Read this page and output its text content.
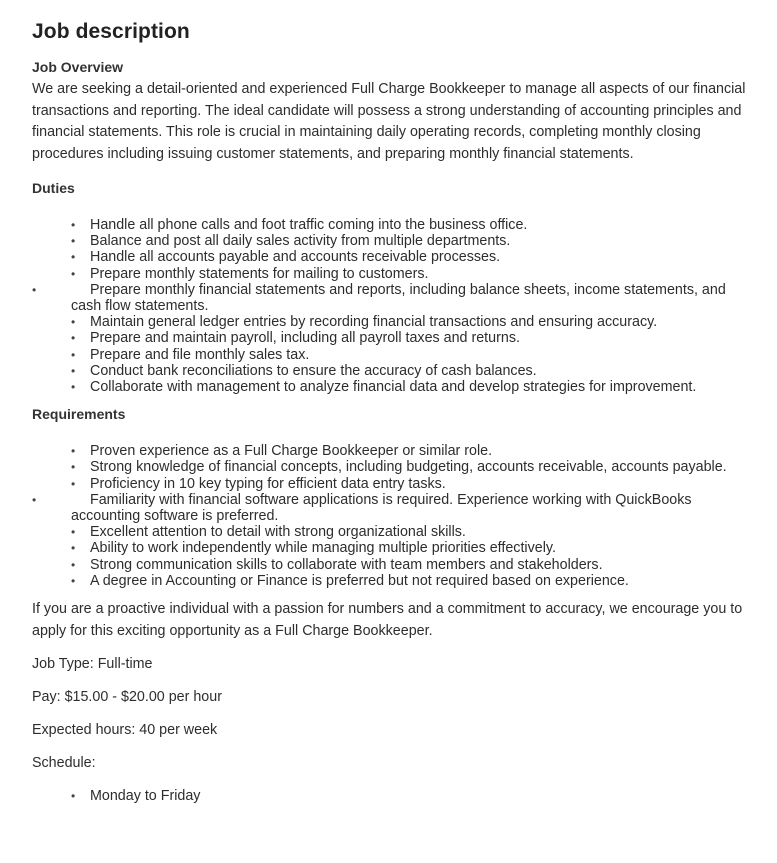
Job description

Job Overview

We are seeking a detail-oriented and experienced Full Charge Bookkeeper to manage all aspects of our financial transactions and reporting. The ideal candidate will possess a strong understanding of accounting principles and financial statements. This role is crucial in maintaining daily operating records, completing monthly closing procedures including issuing customer statements, and preparing monthly financial statements.

Duties

• Handle all phone calls and foot traffic coming into the business office.
• Balance and post all daily sales activity from multiple departments.
• Handle all accounts payable and accounts receivable processes.
• Prepare monthly statements for mailing to customers.
• Prepare monthly financial statements and reports, including balance sheets, income statements, and cash flow statements.
• Maintain general ledger entries by recording financial transactions and ensuring accuracy.
• Prepare and maintain payroll, including all payroll taxes and returns.
• Prepare and file monthly sales tax.
• Conduct bank reconciliations to ensure the accuracy of cash balances.
• Collaborate with management to analyze financial data and develop strategies for improvement.

Requirements

• Proven experience as a Full Charge Bookkeeper or similar role.
• Strong knowledge of financial concepts, including budgeting, accounts receivable, accounts payable.
• Proficiency in 10 key typing for efficient data entry tasks.
• Familiarity with financial software applications is required. Experience working with QuickBooks accounting software is preferred.
• Excellent attention to detail with strong organizational skills.
• Ability to work independently while managing multiple priorities effectively.
• Strong communication skills to collaborate with team members and stakeholders.
• A degree in Accounting or Finance is preferred but not required based on experience.

If you are a proactive individual with a passion for numbers and a commitment to accuracy, we encourage you to apply for this exciting opportunity as a Full Charge Bookkeeper.

Job Type: Full-time

Pay: $15.00 - $20.00 per hour

Expected hours: 40 per week

Schedule:

• Monday to Friday
